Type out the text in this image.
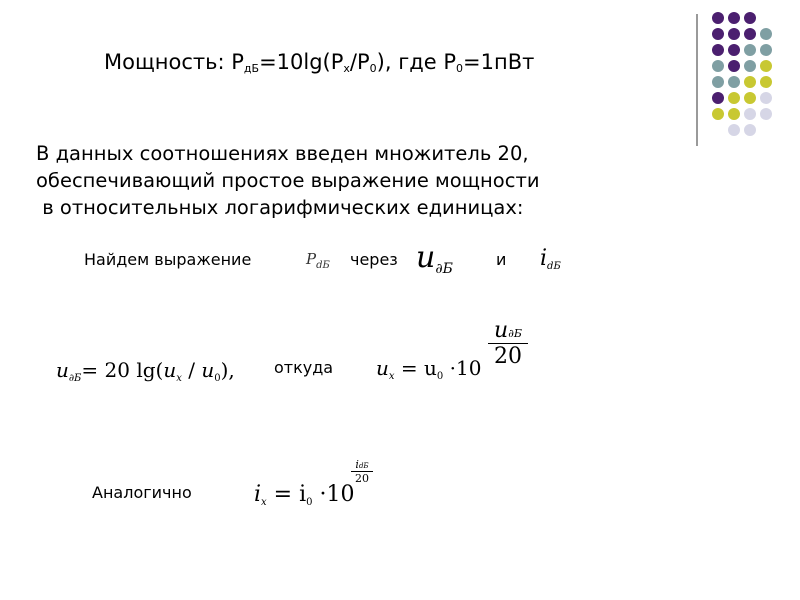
Мощность: $P_{дБ}=10\lg(P_x/P_0)$, где $P_0=1пВт$
В данных соотношениях введен множитель 20,
обеспечивающий простое выражение мощности
в относительных логарифмических единицах:
Найдем выражение	$P_{dБ}$ через $u_{\partial Б}$	и $i_{dБ}$
$u_{\partial Б}= 20$ $\lg(u_x / u_0)$, откуда $u_x = u_0 \cdot 10$
u∂Б
20
Аналогично	$i_x = i_0 \cdot 10$
idБ
20
